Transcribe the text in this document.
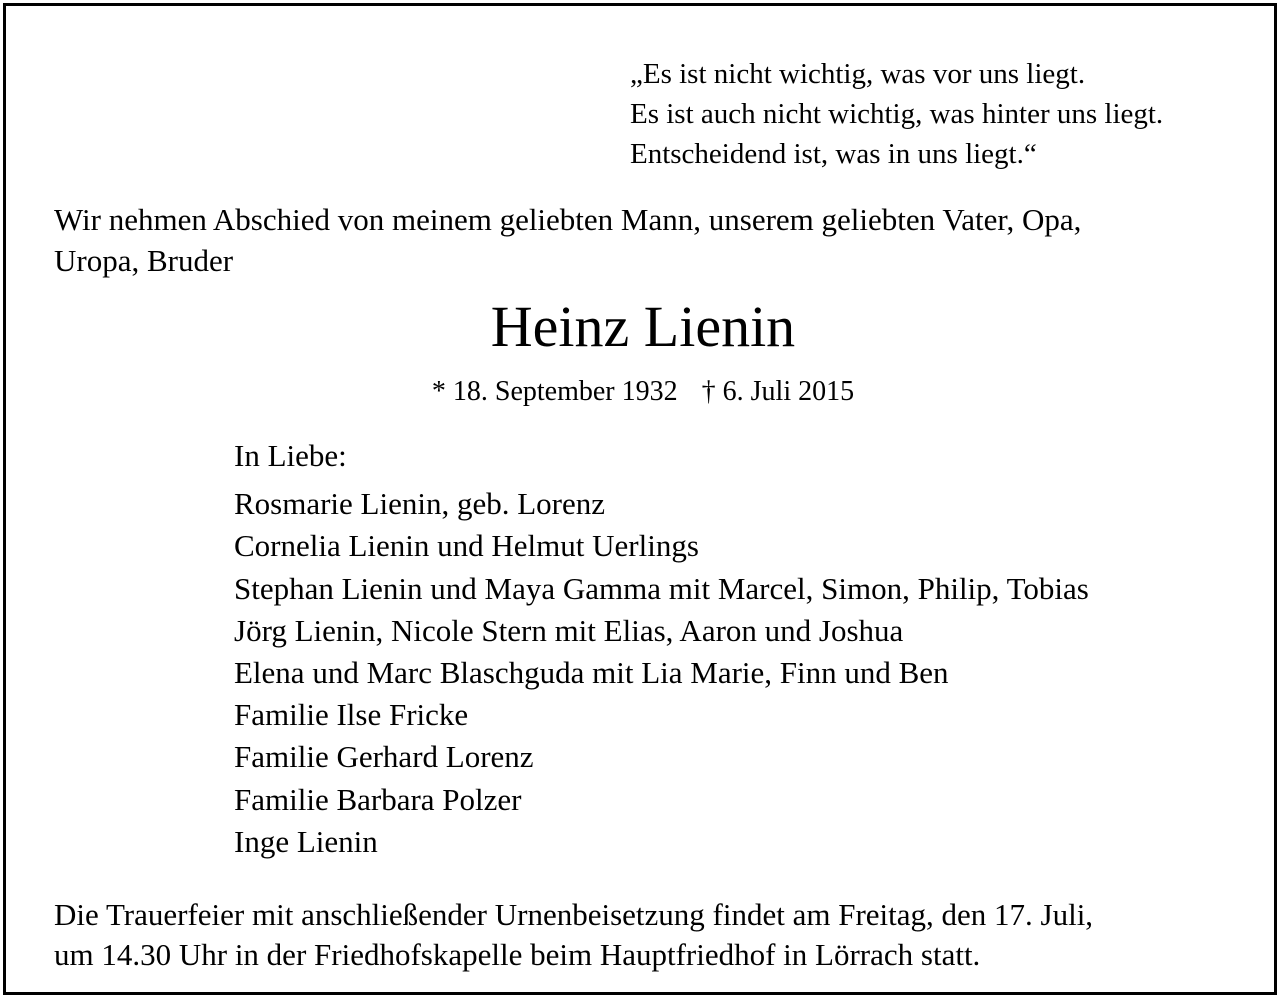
„Es ist nicht wichtig, was vor uns liegt.
Es ist auch nicht wichtig, was hinter uns liegt.
Entscheidend ist, was in uns liegt.“
Wir nehmen Abschied von meinem geliebten Mann, unserem geliebten Vater, Opa,
Uropa, Bruder
Heinz Lienin
* 18. September 1932 † 6. Juli 2015
In Liebe:
Rosmarie Lienin, geb. Lorenz
Cornelia Lienin und Helmut Uerlings
Stephan Lienin und Maya Gamma mit Marcel, Simon, Philip, Tobias
Jörg Lienin, Nicole Stern mit Elias, Aaron und Joshua
Elena und Marc Blaschguda mit Lia Marie, Finn und Ben
Familie Ilse Fricke
Familie Gerhard Lorenz
Familie Barbara Polzer
Inge Lienin
Die Trauerfeier mit anschließender Urnenbeisetzung findet am Freitag, den 17. Juli,
um 14.30 Uhr in der Friedhofskapelle beim Hauptfriedhof in Lörrach statt.
